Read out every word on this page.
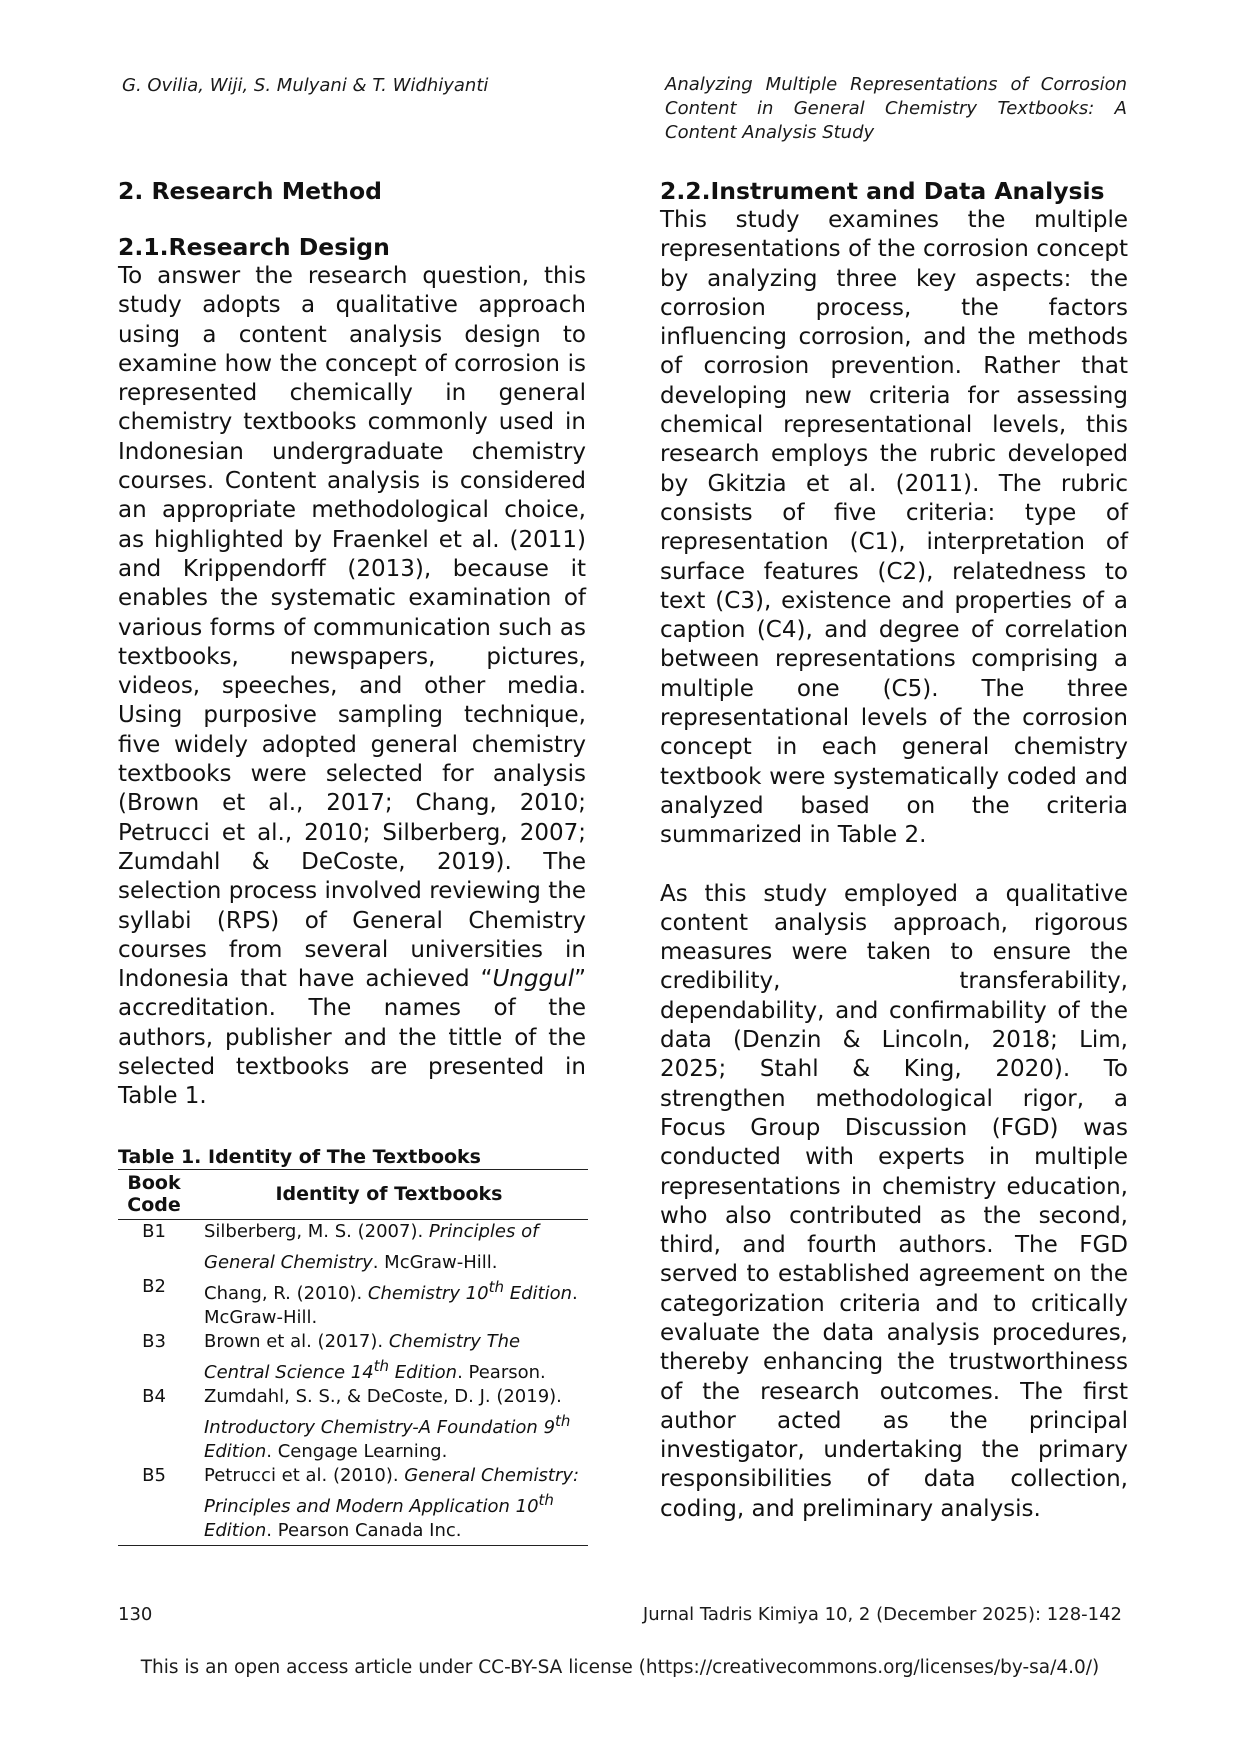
G. Ovilia, Wiji, S. Mulyani & T. Widhiyanti	Analyzing Multiple Representations of Corrosion Content in General Chemistry Textbooks: A Content Analysis Study
2. Research Method
2.1.Research Design

To answer the research question, this study adopts a qualitative approach using a content analysis design to examine how the concept of corrosion is represented chemically in general chemistry textbooks commonly used in Indonesian undergraduate chemistry courses. Content analysis is considered an appropriate methodological choice, as highlighted by Fraenkel et al. (2011) and Krippendorff (2013), because it enables the systematic examination of various forms of communication such as textbooks, newspapers, pictures, videos, speeches, and other media. Using purposive sampling technique, five widely adopted general chemistry textbooks were selected for analysis (Brown et al., 2017; Chang, 2010; Petrucci et al., 2010; Silberberg, 2007; Zumdahl & DeCoste, 2019). The selection process involved reviewing the syllabi (RPS) of General Chemistry courses from several universities in Indonesia that have achieved “Unggul” accreditation. The names of the authors, publisher and the tittle of the selected textbooks are presented in Table 1.

Table 1. Identity of The Textbooks
Book Code	Identity of Textbooks
B1	Silberberg, M. S. (2007). Principles of General Chemistry. McGraw-Hill.
B2	Chang, R. (2010). Chemistry 10th Edition. McGraw-Hill.
B3	Brown et al. (2017). Chemistry The Central Science 14th Edition. Pearson.
B4	Zumdahl, S. S., & DeCoste, D. J. (2019). Introductory Chemistry-A Foundation 9th Edition. Cengage Learning.
B5	Petrucci et al. (2010). General Chemistry: Principles and Modern Application 10th Edition. Pearson Canada Inc.
2.2.Instrument and Data Analysis

This study examines the multiple representations of the corrosion concept by analyzing three key aspects: the corrosion process, the factors influencing corrosion, and the methods of corrosion prevention. Rather that developing new criteria for assessing chemical representational levels, this research employs the rubric developed by Gkitzia et al. (2011). The rubric consists of five criteria: type of representation (C1), interpretation of surface features (C2), relatedness to text (C3), existence and properties of a caption (C4), and degree of correlation between representations comprising a multiple one (C5). The three representational levels of the corrosion concept in each general chemistry textbook were systematically coded and analyzed based on the criteria summarized in Table 2.

As this study employed a qualitative content analysis approach, rigorous measures were taken to ensure the credibility, transferability, dependability, and confirmability of the data (Denzin & Lincoln, 2018; Lim, 2025; Stahl & King, 2020). To strengthen methodological rigor, a Focus Group Discussion (FGD) was conducted with experts in multiple representations in chemistry education, who also contributed as the second, third, and fourth authors. The FGD served to established agreement on the categorization criteria and to critically evaluate the data analysis procedures, thereby enhancing the trustworthiness of the research outcomes. The first author acted as the principal investigator, undertaking the primary responsibilities of data collection, coding, and preliminary analysis.

130	Jurnal Tadris Kimiya 10, 2 (December 2025): 128-142
This is an open access article under CC-BY-SA license (https://creativecommons.org/licenses/by-sa/4.0/)
